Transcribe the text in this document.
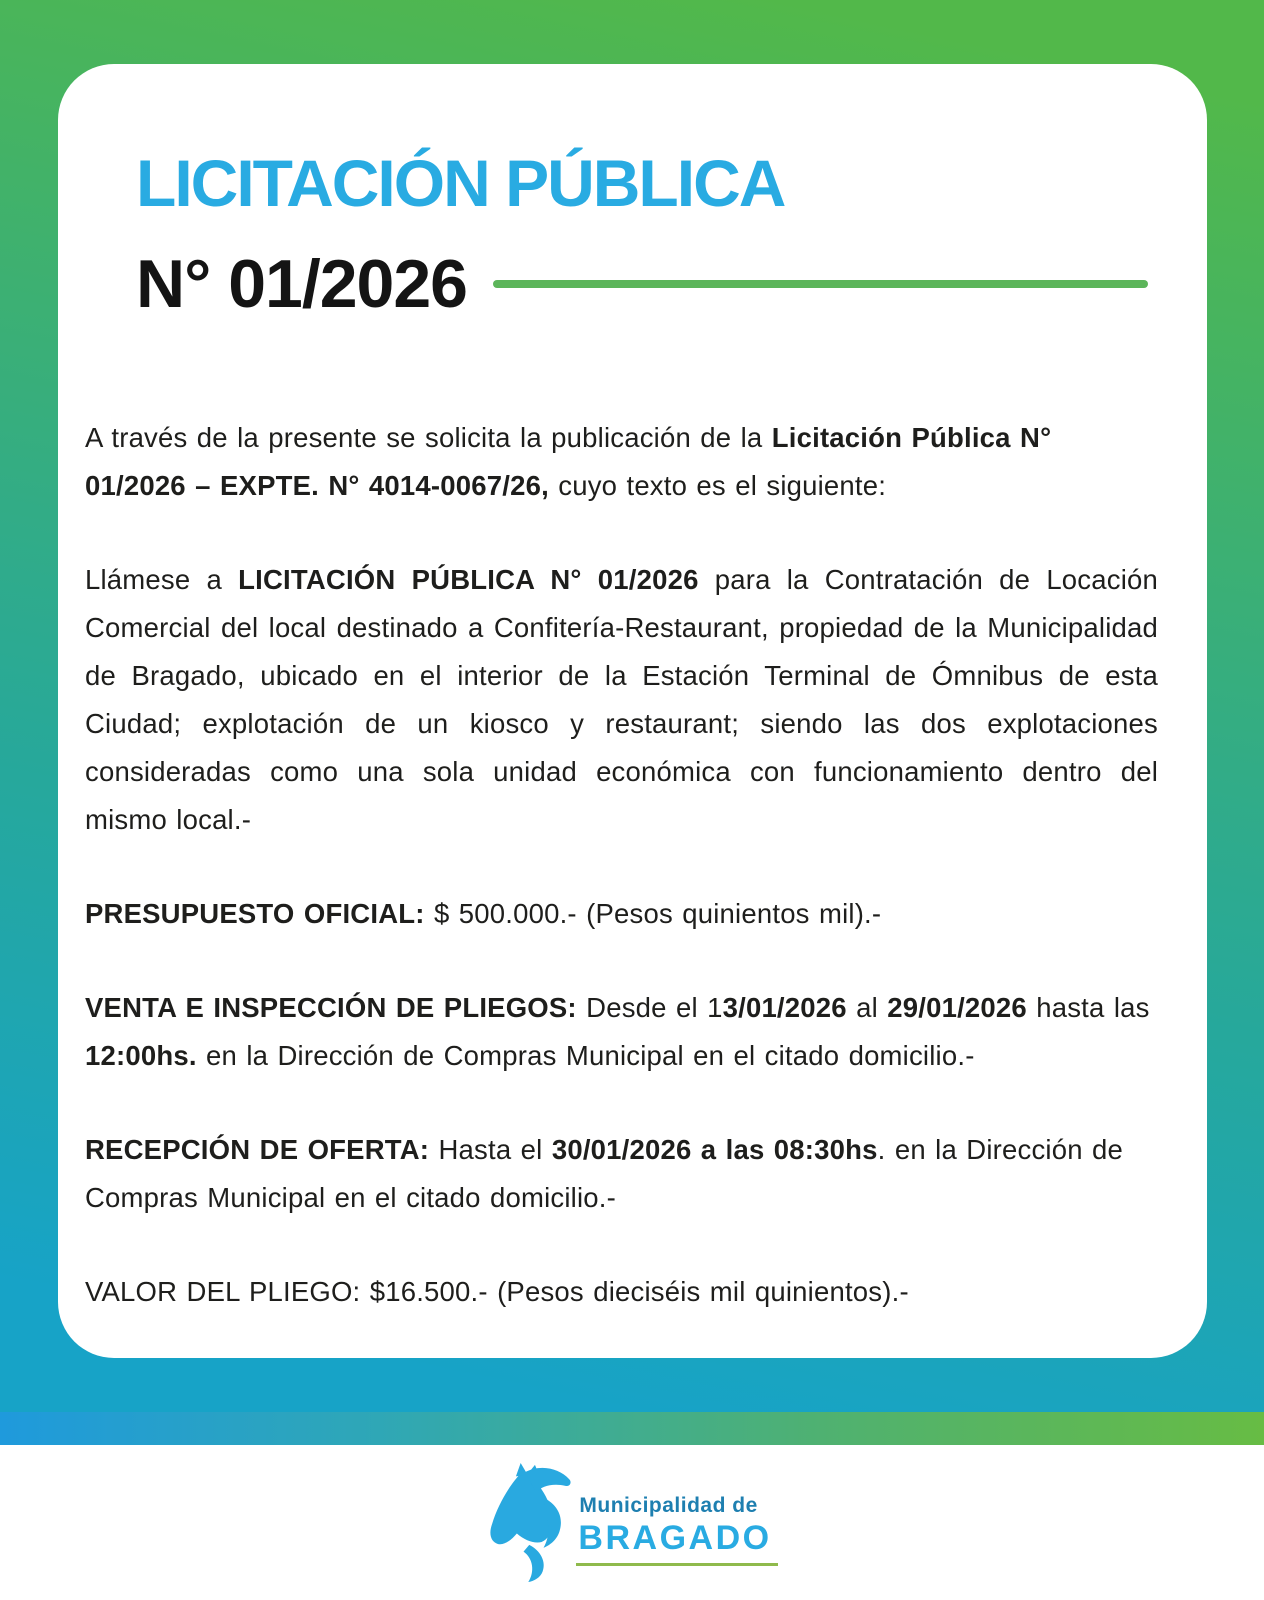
LICITACIÓN PÚBLICA
N° 01/2026

A través de la presente se solicita la publicación de la Licitación Pública N° 01/2026 – EXPTE. N° 4014-0067/26, cuyo texto es el siguiente:

Llámese a LICITACIÓN PÚBLICA N° 01/2026 para la Contratación de Locación Comercial del local destinado a Confitería-Restaurant, propiedad de la Municipalidad de Bragado, ubicado en el interior de la Estación Terminal de Ómnibus de esta Ciudad; explotación de un kiosco y restaurant; siendo las dos explotaciones consideradas como una sola unidad económica con funcionamiento dentro del mismo local.-

PRESUPUESTO OFICIAL: $ 500.000.- (Pesos quinientos mil).-

VENTA E INSPECCIÓN DE PLIEGOS: Desde el 13/01/2026 al 29/01/2026 hasta las 12:00hs. en la Dirección de Compras Municipal en el citado domicilio.-

RECEPCIÓN DE OFERTA: Hasta el 30/01/2026 a las 08:30hs. en la Dirección de Compras Municipal en el citado domicilio.-

VALOR DEL PLIEGO: $16.500.- (Pesos dieciséis mil quinientos).-

Municipalidad de
BRAGADO
